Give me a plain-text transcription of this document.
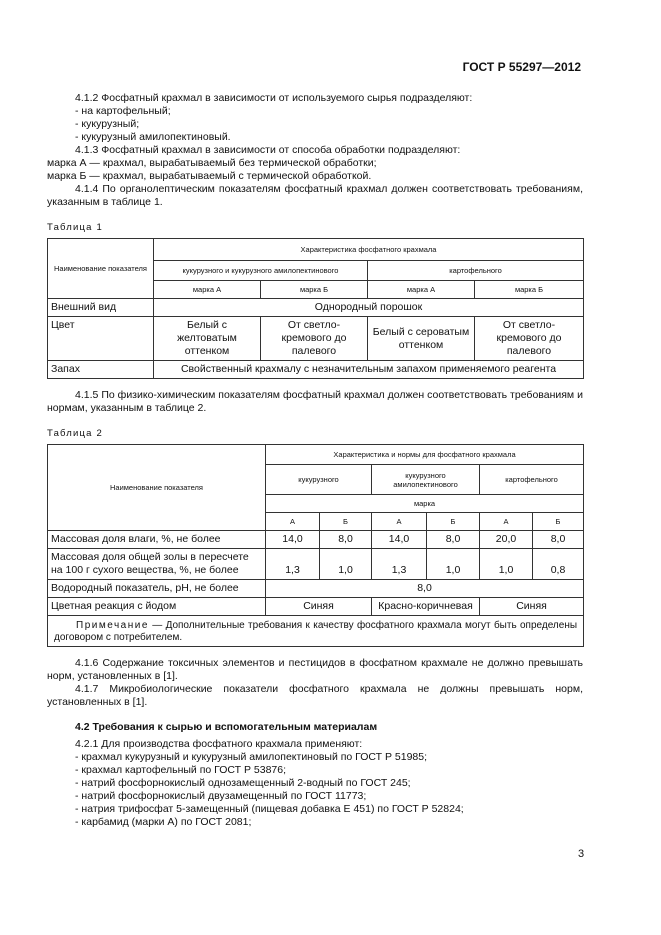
ГОСТ Р 55297—2012

4.1.2 Фосфатный крахмал в зависимости от используемого сырья подразделяют:

- на картофельный;

- кукурузный;

- кукурузный амилопектиновый.

4.1.3 Фосфатный крахмал в зависимости от способа обработки подразделяют:

марка А — крахмал, вырабатываемый без термической обработки;

марка Б — крахмал, вырабатываемый с термической обработкой.

4.1.4 По органолептическим показателям фосфатный крахмал должен соответствовать требованиям, указанным в таблице 1.

Таблица 1
Наименование показателя	Характеристика фосфатного крахмала			
	кукурузного и кукурузного амилопектинового		картофельного	
	марка А	марка Б	марка А	марка Б
Внешний вид	Однородный порошок			
Цвет	Белый с желтоватым оттенком	От светло-кремового до палевого	Белый с сероватым оттенком	От светло-кремового до палевого
Запах	Свойственный крахмалу с незначительным запахом применяемого реагента			

4.1.5 По физико-химическим показателям фосфатный крахмал должен соответствовать требованиям и нормам, указанным в таблице 2.

Таблица 2
Наименование показателя	Характеристика и нормы для фосфатного крахмала					
	кукурузного		кукурузного амилопектинового		картофельного	
	марка					
	А	Б	А	Б	А	Б
Массовая доля влаги, %, не более	14,0	8,0	14,0	8,0	20,0	8,0
Массовая доля общей золы в пересчете на 100 г сухого вещества, %, не более	1,3	1,0	1,3	1,0	1,0	0,8
Водородный показатель, pH, не более	8,0					
Цветная реакция с йодом	Синяя		Красно-коричневая		Синяя	
Примечание — Дополнительные требования к качеству фосфатного крахмала могут быть определены договором с потребителем.						

4.1.6 Содержание токсичных элементов и пестицидов в фосфатном крахмале не должно превышать норм, установленных в [1].

4.1.7 Микробиологические показатели фосфатного крахмала не должны превышать норм, установленных в [1].

4.2 Требования к сырью и вспомогательным материалам

4.2.1 Для производства фосфатного крахмала применяют:

- крахмал кукурузный и кукурузный амилопектиновый по ГОСТ Р 51985;

- крахмал картофельный по ГОСТ Р 53876;

- натрий фосфорнокислый однозамещенный 2-водный по ГОСТ 245;

- натрий фосфорнокислый двузамещенный по ГОСТ 11773;

- натрия трифосфат 5-замещенный (пищевая добавка Е 451) по ГОСТ Р 52824;

- карбамид (марки А) по ГОСТ 2081;

3
